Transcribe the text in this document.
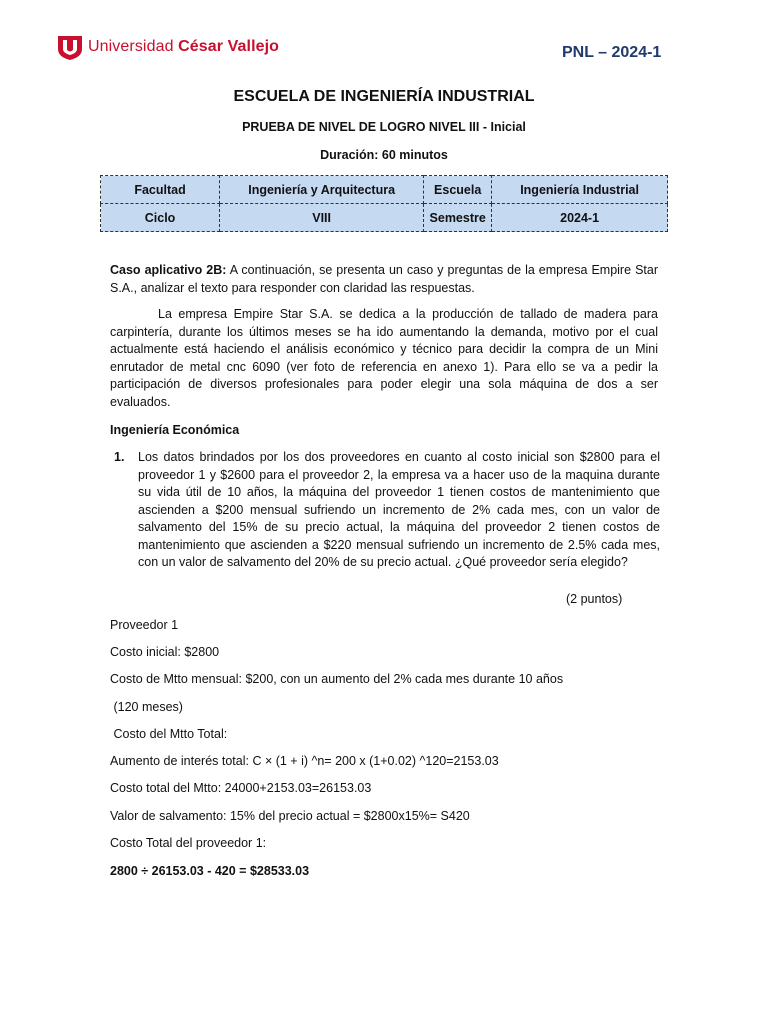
Universidad César Vallejo	PNL – 2024-1
ESCUELA DE INGENIERÍA INDUSTRIAL
PRUEBA DE NIVEL DE LOGRO NIVEL III - Inicial
Duración: 60 minutos
Facultad	Ingeniería y Arquitectura	Escuela	Ingeniería Industrial
Ciclo	VIII	Semestre	2024-1
Caso aplicativo 2B: A continuación, se presenta un caso y preguntas de la empresa Empire Star S.A., analizar el texto para responder con claridad las respuestas.
La empresa Empire Star S.A. se dedica a la producción de tallado de madera para carpintería, durante los últimos meses se ha ido aumentando la demanda, motivo por el cual actualmente está haciendo el análisis económico y técnico para decidir la compra de un Mini enrutador de metal cnc 6090 (ver foto de referencia en anexo 1). Para ello se va a pedir la participación de diversos profesionales para poder elegir una sola máquina de dos a ser evaluados.
Ingeniería Económica
1. Los datos brindados por los dos proveedores en cuanto al costo inicial son $2800 para el proveedor 1 y $2600 para el proveedor 2, la empresa va a hacer uso de la maquina durante su vida útil de 10 años, la máquina del proveedor 1 tienen costos de mantenimiento que ascienden a $200 mensual sufriendo un incremento de 2% cada mes, con un valor de salvamento del 15% de su precio actual, la máquina del proveedor 2 tienen costos de mantenimiento que ascienden a $220 mensual sufriendo un incremento de 2.5% cada mes, con un valor de salvamento del 20% de su precio actual. ¿Qué proveedor sería elegido?
(2 puntos)
Proveedor 1
Costo inicial: $2800
Costo de Mtto mensual: $200, con un aumento del 2% cada mes durante 10 años
(120 meses)
Costo del Mtto Total:
Aumento de interés total: C × (1 + i) ^n= 200 x (1+0.02) ^120=2153.03
Costo total del Mtto: 24000+2153.03=26153.03
Valor de salvamento: 15% del precio actual = $2800x15%= S420
Costo Total del proveedor 1:
2800 ÷ 26153.03 - 420 = $28533.03
